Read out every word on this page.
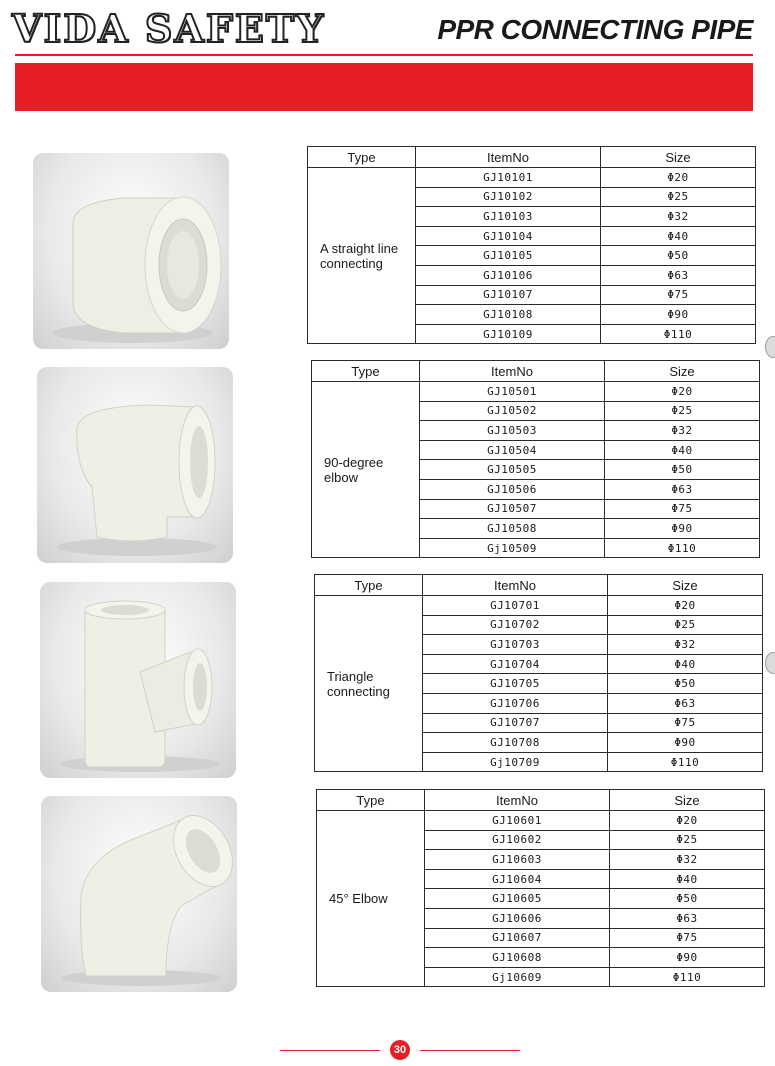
VIDA SAFETY	PPR CONNECTING PIPE
Type	ItemNo	Size

A straight line
connecting	GJ10101	Φ20
	GJ10102	Φ25
	GJ10103	Φ32
	GJ10104	Φ40
	GJ10105	Φ50
	GJ10106	Φ63
	GJ10107	Φ75
	GJ10108	Φ90
	GJ10109	Φ110
Type	ItemNo	Size

90-degree
elbow	GJ10501	Φ20
	GJ10502	Φ25
	GJ10503	Φ32
	GJ10504	Φ40
	GJ10505	Φ50
	GJ10506	Φ63
	GJ10507	Φ75
	GJ10508	Φ90
	Gj10509	Φ110
Type	ItemNo	Size

Triangle
connecting	GJ10701	Φ20
	GJ10702	Φ25
	GJ10703	Φ32
	GJ10704	Φ40
	GJ10705	Φ50
	GJ10706	Φ63
	GJ10707	Φ75
	GJ10708	Φ90
	Gj10709	Φ110
Type	ItemNo	Size

45° Elbow	GJ10601	Φ20
	GJ10602	Φ25
	GJ10603	Φ32
	GJ10604	Φ40
	GJ10605	Φ50
	GJ10606	Φ63
	GJ10607	Φ75
	GJ10608	Φ90
	Gj10609	Φ110
30
